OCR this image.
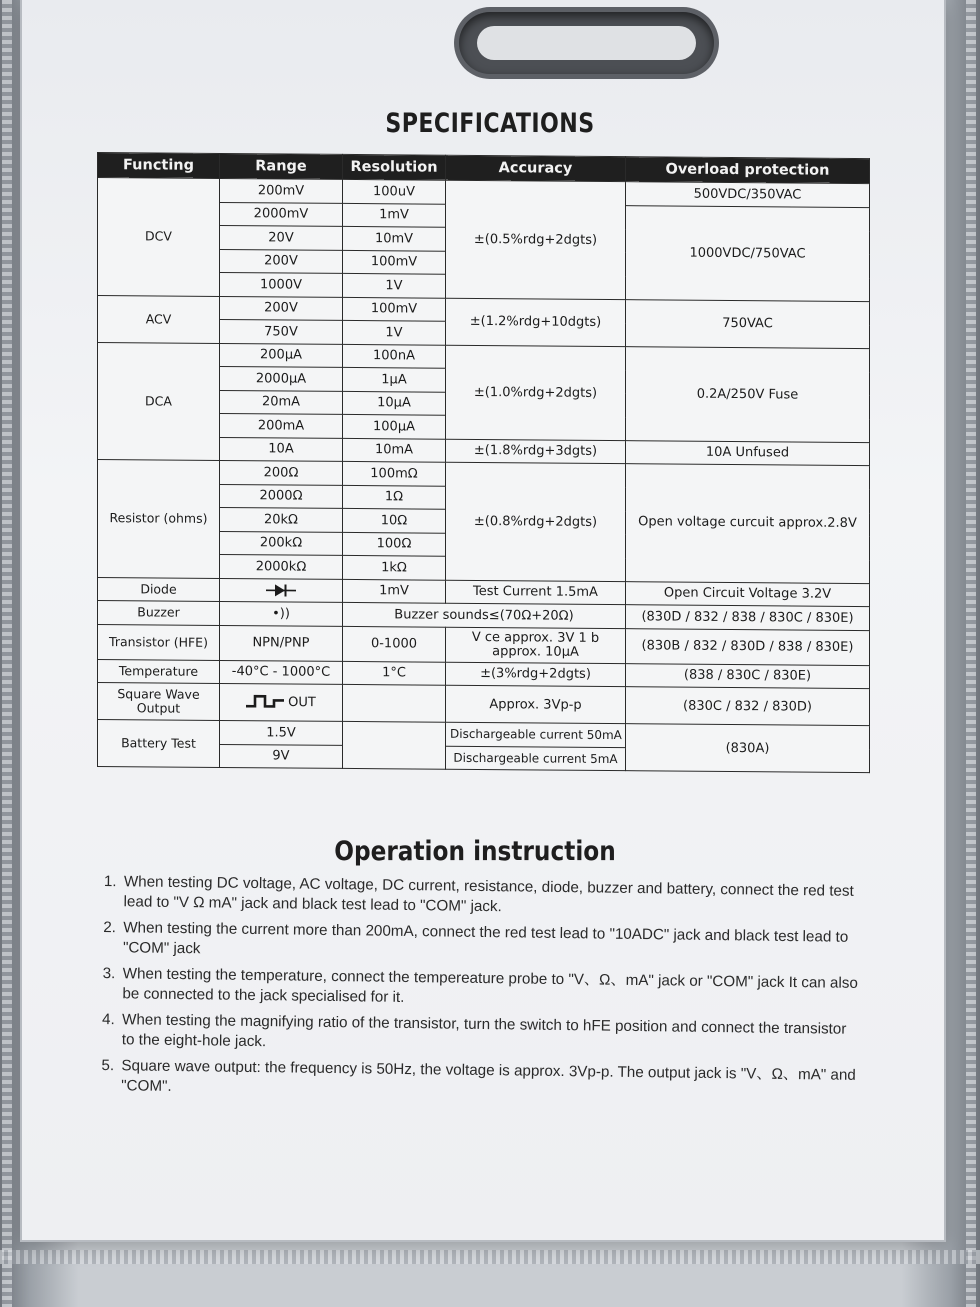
SPECIFICATIONS
Functing	Range	Resolution	Accuracy	Overload protection
DCV	200mV	100uV	±(0.5%rdg+2dgts)	500VDC/350VAC
	2000mV	1mV		1000VDC/750VAC
	20V	10mV		
	200V	100mV		
	1000V	1V		
ACV	200V	100mV	±(1.2%rdg+10dgts)	750VAC
	750V	1V		
DCA	200µA	100nA	±(1.0%rdg+2dgts)	0.2A/250V Fuse
	2000µA	1µA		
	20mA	10µA		
	200mA	100µA		
	10A	10mA	±(1.8%rdg+3dgts)	10A Unfused
Resistor (ohms)	200Ω	100mΩ	±(0.8%rdg+2dgts)	Open voltage curcuit approx.2.8V
	2000Ω	1Ω		
	20kΩ	10Ω		
	200kΩ	100Ω		
	2000kΩ	1kΩ		
Diode		1mV	Test Current 1.5mA	Open Circuit Voltage 3.2V
Buzzer	•))	Buzzer sounds≤(70Ω+20Ω)		(830D / 832 / 838 / 830C / 830E)
Transistor (HFE)	NPN/PNP	0-1000	V ce approx. 3V 1 b approx. 10µA	(830B / 832 / 830D / 838 / 830E)
Temperature	-40°C - 1000°C	1°C	±(3%rdg+2dgts)	(838 / 830C / 830E)
Square Wave Output	OUT		Approx. 3Vp-p	(830C / 832 / 830D)
Battery Test	1.5V		Dischargeable current 50mA	(830A)
	9V		Dischargeable current 5mA	
Operation instruction
1. When testing DC voltage, AC voltage, DC current, resistance, diode, buzzer and battery, connect the red test lead to "V Ω mA" jack and black test lead to "COM" jack.
2. When testing the current more than 200mA, connect the red test lead to "10ADC" jack and black test lead to "COM" jack
3. When testing the temperature, connect the tempereature probe to "V、Ω、mA" jack or "COM" jack It can also be connected to the jack specialised for it.
4. When testing the magnifying ratio of the transistor, turn the switch to hFE position and connect the transistor to the eight-hole jack.
5. Square wave output: the frequency is 50Hz, the voltage is approx. 3Vp-p. The output jack is "V、Ω、mA" and "COM".
